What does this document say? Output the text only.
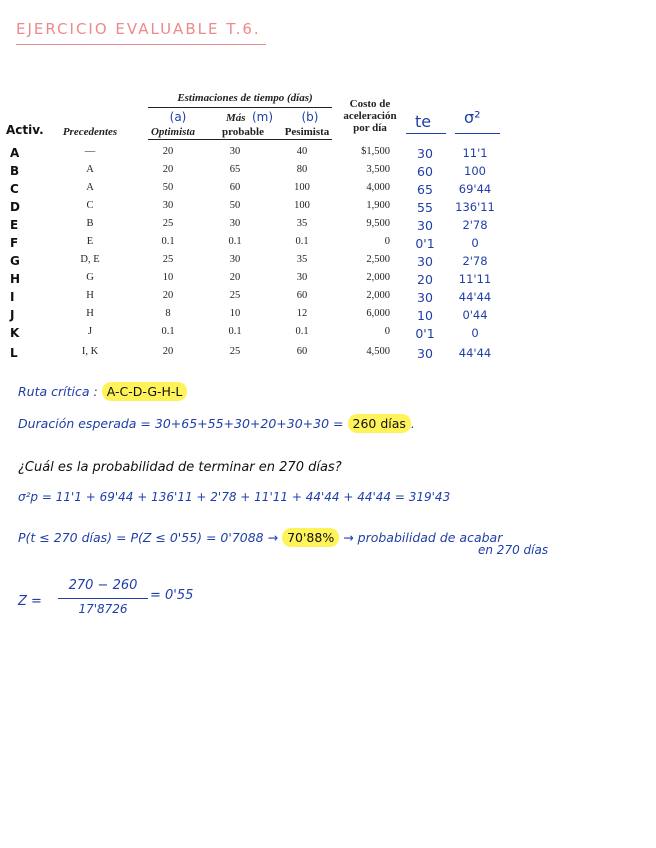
EJERCICIO EVALUABLE T.6.
Estimaciones de tiempo (días)
Activ.	Precedentes
(a)
Optimista
Más (m)
probable
(b)
Pesimista
Costo de
aceleración
por día	te σ²
A	—	20	30	40	$1,500	30	11'1
B	A	20	65	80	3,500	60	100
C	A	50	60	100	4,000	65	69'44
D	C	30	50	100	1,900	55	136'11
E	B	25	30	35	9,500	30	2'78
F	E	0.1	0.1	0.1	0	0'1	0
G	D, E	25	30	35	2,500	30	2'78
H	G	10	20	30	2,000	20	11'11
I	H	20	25	60	2,000	30	44'44
J	H	8	10	12	6,000	10	0'44
K	J	0.1	0.1	0.1	0	0'1	0
L	I, K	20	25	60	4,500	30	44'44
Ruta crítica : A-C-D-G-H-L
Duración esperada = 30+65+55+30+20+30+30 = 260 días .
¿Cuál es la probabilidad de terminar en 270 días?
σ²p = 11'1 + 69'44 + 136'11 + 2'78 + 11'11 + 44'44 + 44'44 = 319'43
P(t ≤ 270 días) = P(Z ≤ 0'55) = 0'7088 → 70'88% → probabilidad de acabar
en 270 días
Z =
270 − 260
17'8726
= 0'55
